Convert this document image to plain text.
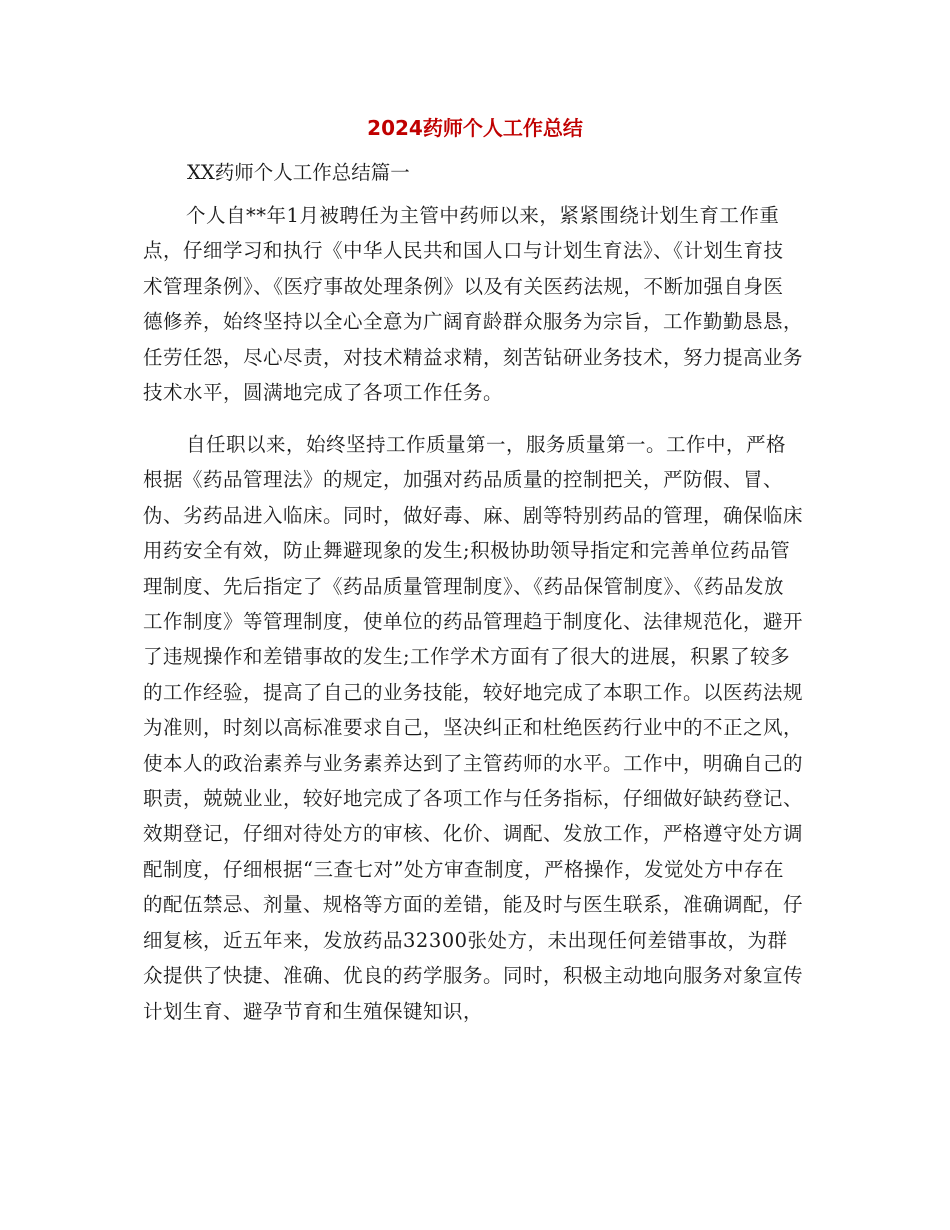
2024药师个人工作总结

XX药师个人工作总结篇一

个人自**年1月被聘任为主管中药师以来，紧紧围绕计划生育工作重点，仔细学习和执行《中华人民共和国人口与计划生育法》、《计划生育技术管理条例》、《医疗事故处理条例》以及有关医药法规，不断加强自身医德修养，始终坚持以全心全意为广阔育龄群众服务为宗旨，工作勤勤恳恳，任劳任怨，尽心尽责，对技术精益求精，刻苦钻研业务技术，努力提高业务技术水平，圆满地完成了各项工作任务。

自任职以来，始终坚持工作质量第一，服务质量第一。工作中，严格根据《药品管理法》的规定，加强对药品质量的控制把关，严防假、冒、伪、劣药品进入临床。同时，做好毒、麻、剧等特别药品的管理，确保临床用药安全有效，防止舞避现象的发生;积极协助领导指定和完善单位药品管理制度、先后指定了《药品质量管理制度》、《药品保管制度》、《药品发放工作制度》等管理制度，使单位的药品管理趋于制度化、法律规范化，避开了违规操作和差错事故的发生;工作学术方面有了很大的进展，积累了较多的工作经验，提高了自己的业务技能，较好地完成了本职工作。以医药法规为准则，时刻以高标准要求自己，坚决纠正和杜绝医药行业中的不正之风，使本人的政治素养与业务素养达到了主管药师的水平。工作中，明确自己的职责，兢兢业业，较好地完成了各项工作与任务指标，仔细做好缺药登记、效期登记，仔细对待处方的审核、化价、调配、发放工作，严格遵守处方调配制度，仔细根据“三查七对”处方审查制度，严格操作，发觉处方中存在的配伍禁忌、剂量、规格等方面的差错，能及时与医生联系，准确调配，仔细复核，近五年来，发放药品32300张处方，未出现任何差错事故，为群众提供了快捷、准确、优良的药学服务。同时，积极主动地向服务对象宣传计划生育、避孕节育和生殖保键知识，
